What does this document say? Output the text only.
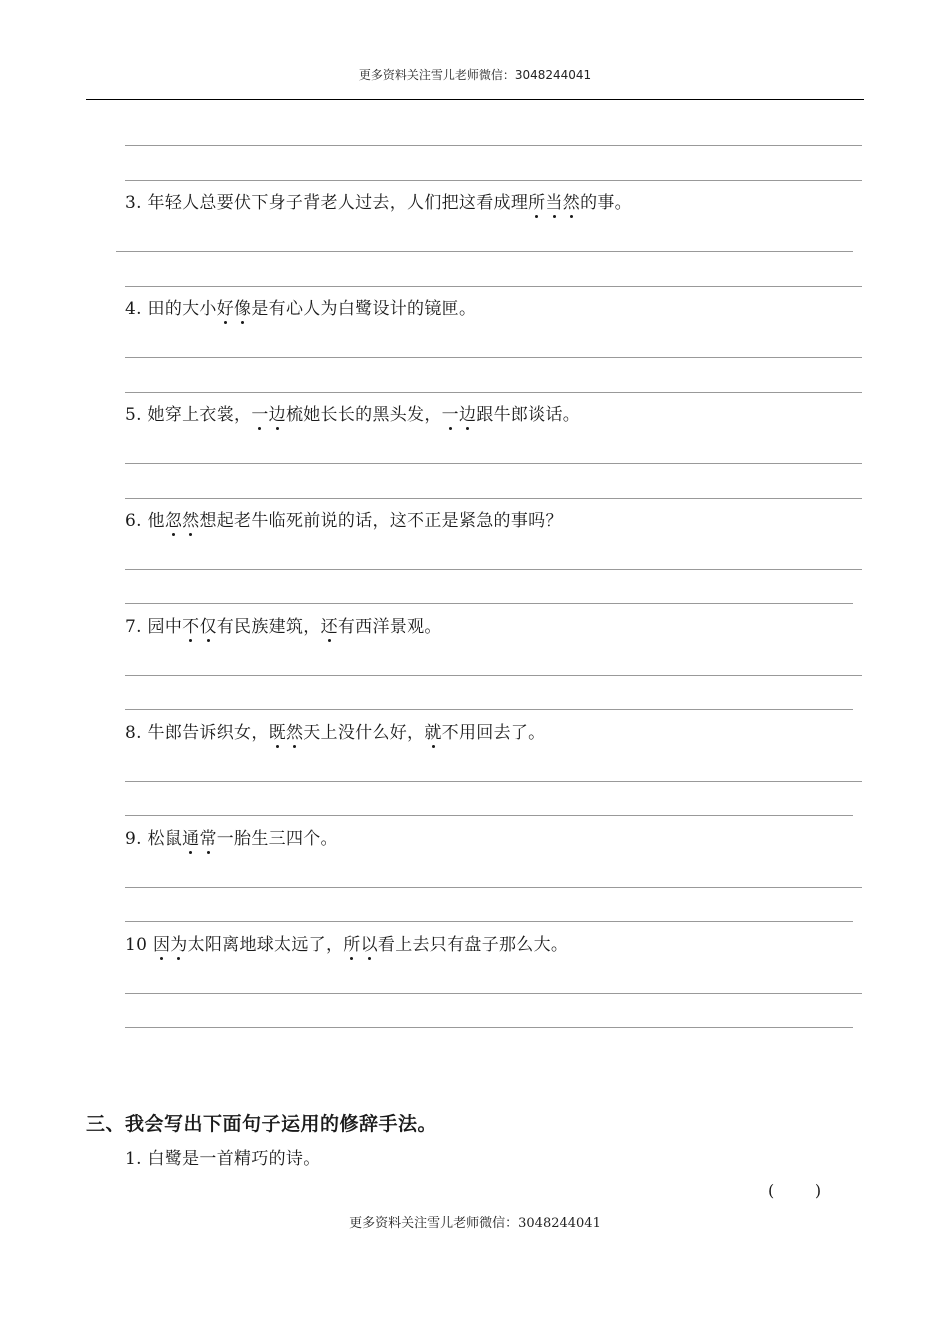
更多资料关注雪儿老师微信：3048244041
3. 年轻人总要伏下身子背老人过去，人们把这看成理所当然的事。
4. 田的大小好像是有心人为白鹭设计的镜匣。
5. 她穿上衣裳，一边梳她长长的黑头发，一边跟牛郎谈话。
6. 他忽然想起老牛临死前说的话，这不正是紧急的事吗？
7. 园中不仅有民族建筑，还有西洋景观。
8. 牛郎告诉织女，既然天上没什么好，就不用回去了。
9. 松鼠通常一胎生三四个。
10 因为太阳离地球太远了，所以看上去只有盘子那么大。
三、我会写出下面句子运用的修辞手法。
1. 白鹭是一首精巧的诗。
(        )
更多资料关注雪儿老师微信：3048244041
